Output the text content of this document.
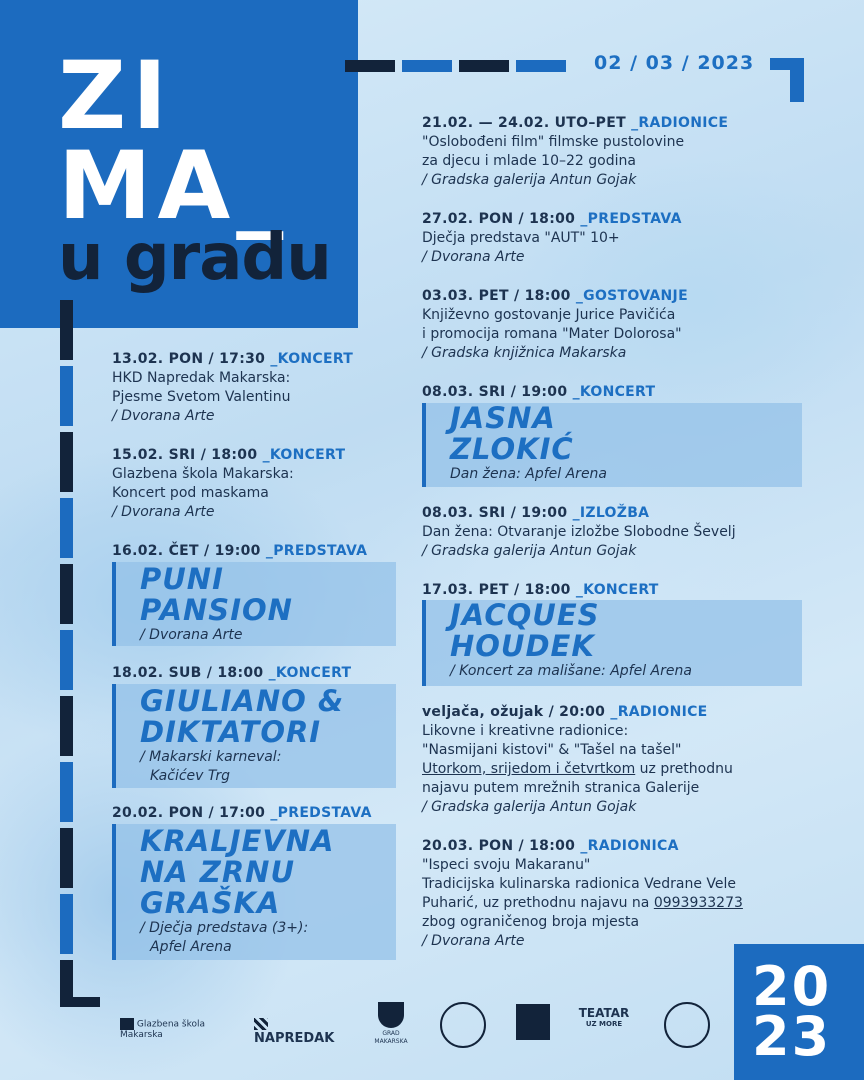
ZI
MA_
u gradu
02 / 03 / 2023
13.02. PON / 17:30 _KONCERT
HKD Napredak Makarska:
Pjesme Svetom Valentinu
/ Dvorana Arte
15.02. SRI / 18:00 _KONCERT
Glazbena škola Makarska:
Koncert pod maskama
/ Dvorana Arte
16.02. ČET / 19:00 _PREDSTAVA
PUNI
PANSION
/ Dvorana Arte
18.02. SUB / 18:00 _KONCERT
GIULIANO &
DIKTATORI
/ Makarski karneval:
Kačićev Trg
20.02. PON / 17:00 _PREDSTAVA
KRALJEVNA
NA ZRNU
GRAŠKA
/ Dječja predstava (3+):
Apfel Arena
21.02. — 24.02. UTO–PET _RADIONICE
"Oslobođeni film" filmske pustolovine
za djecu i mlade 10–22 godina
/ Gradska galerija Antun Gojak
27.02. PON / 18:00 _PREDSTAVA
Dječja predstava "AUT" 10+
/ Dvorana Arte
03.03. PET / 18:00 _GOSTOVANJE
Književno gostovanje Jurice Pavičića
i promocija romana "Mater Dolorosa"
/ Gradska knjižnica Makarska
08.03. SRI / 19:00 _KONCERT
JASNA
ZLOKIĆ
Dan žena: Apfel Arena
08.03. SRI / 19:00 _IZLOŽBA
Dan žena: Otvaranje izložbe Slobodne Ševelj
/ Gradska galerija Antun Gojak
17.03. PET / 18:00 _KONCERT
JACQUES
HOUDEK
/ Koncert za mališane: Apfel Arena
veljača, ožujak / 20:00 _RADIONICE
Likovne i kreativne radionice:
"Nasmijani kistovi" & "Tašel na tašel"
Utorkom, srijedom i četvrtkom uz prethodnu
najavu putem mrežnih stranica Galerije
/ Gradska galerija Antun Gojak
20.03. PON / 18:00 _RADIONICA
"Ispeci svoju Makaranu"
Tradicijska kulinarska radionica Vedrane Vele
Puharić, uz prethodnu najavu na 0993933273
zbog ograničenog broja mjesta
/ Dvorana Arte
20
23
Glazbena škola Makarska	NAPREDAK	GRAD MAKARSKA
TEATAR
UZ MORE
